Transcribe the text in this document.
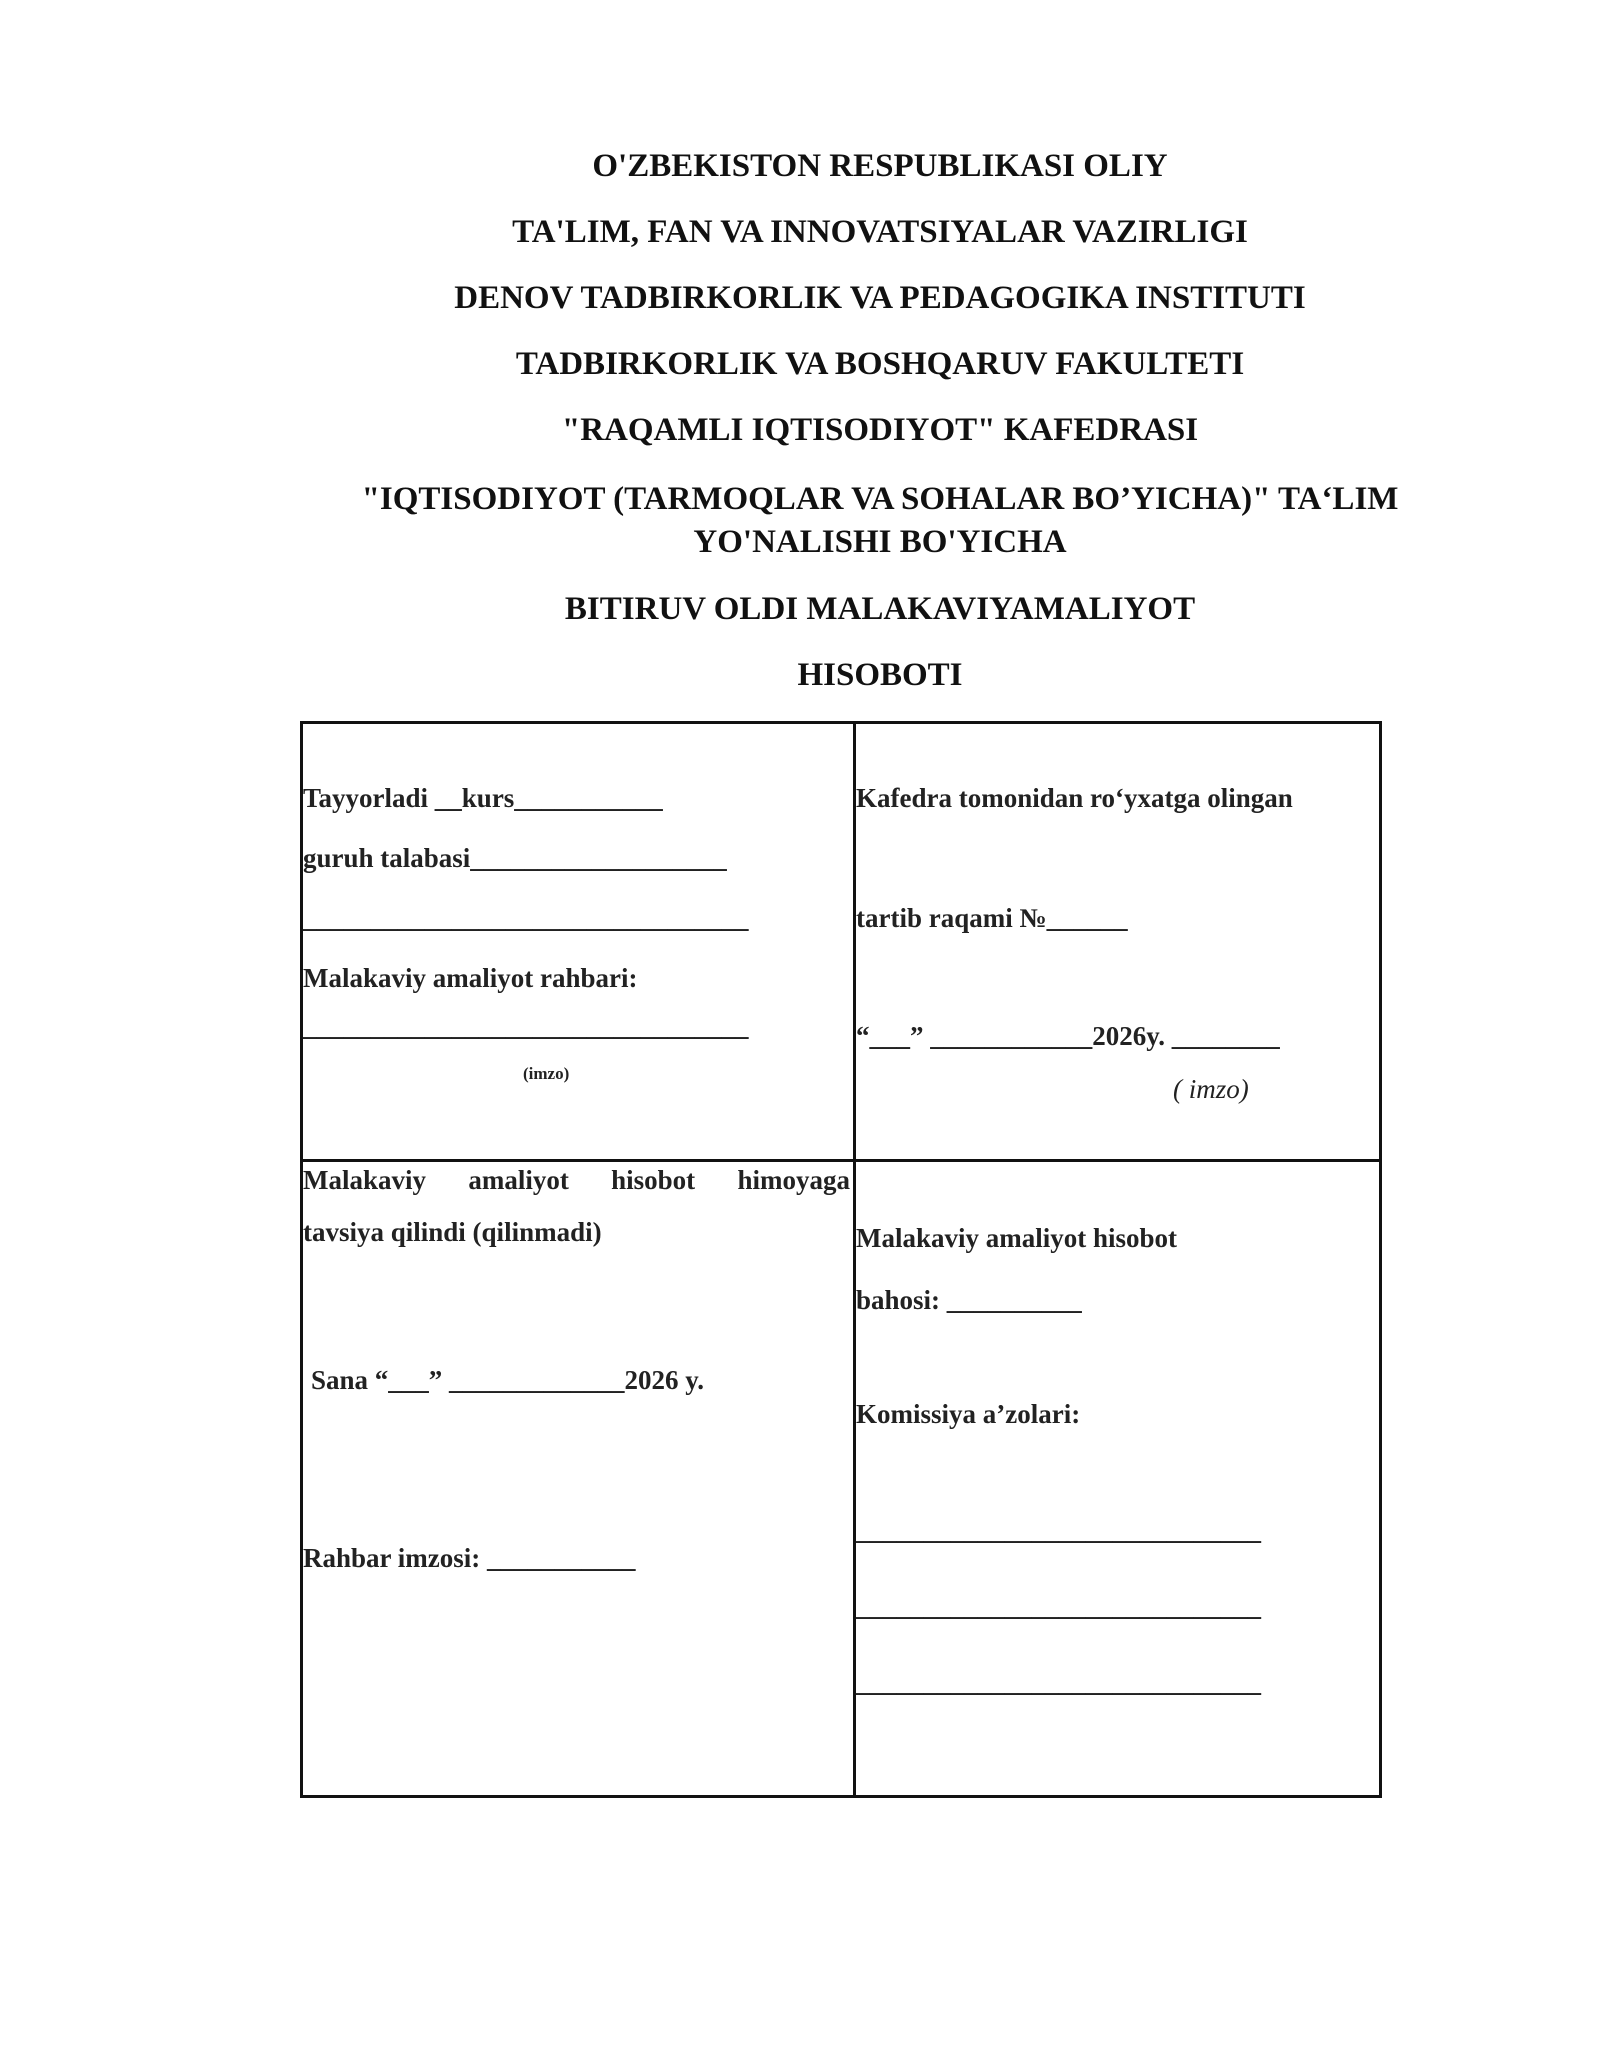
O'ZBEKISTON RESPUBLIKASI OLIY
TA'LIM, FAN VA INNOVATSIYALAR VAZIRLIGI
DENOV TADBIRKORLIK VA PEDAGOGIKA INSTITUTI
TADBIRKORLIK VA BOSHQARUV FAKULTETI
"RAQAMLI IQTISODIYOT" KAFEDRASI
"IQTISODIYOT (TARMOQLAR VA SOHALAR BO’YICHA)" TA‘LIM YO'NALISHI BO'YICHA
BITIRUV OLDI MALAKAVIYAMALIYOT
HISOBOTI
Tayyorladi __kurs___________
guruh talabasi___________________
_________________________________
Malakaviy amaliyot rahbari:
_________________________________
(imzo)
Kafedra tomonidan ro‘yxatga olingan
tartib raqami №______
“___” ____________2026y. ________
( imzo)
Malakaviy amaliyot hisobot himoyaga
tavsiya qilindi (qilinmadi)
Sana “___” _____________2026 y.
Rahbar imzosi: ___________
Malakaviy amaliyot hisobot
bahosi: __________
Komissiya a’zolari:
______________________________
______________________________
______________________________
